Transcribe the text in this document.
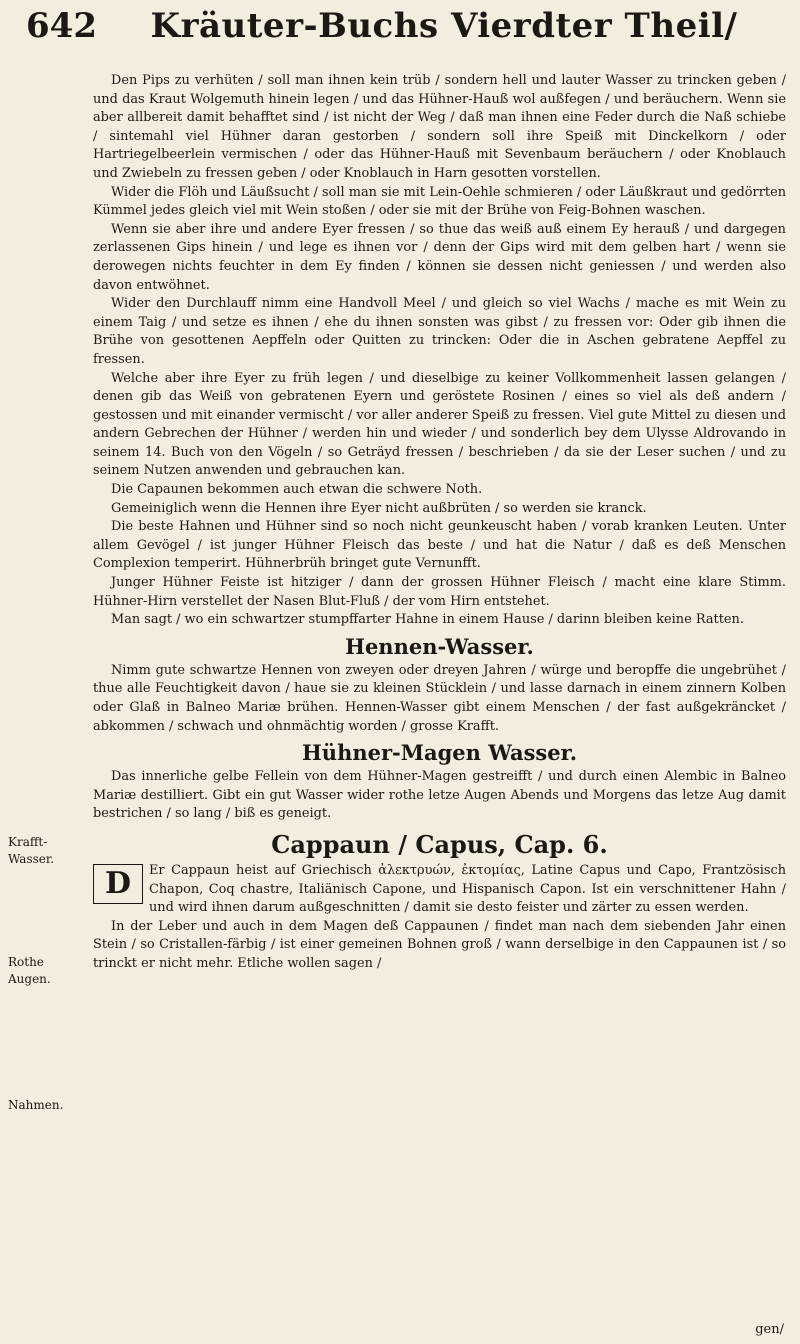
642	Kräuter-Buchs Vierdter Theil/
Krafft-Wasser.
Rothe Augen.
Nahmen.

Den Pips zu verhüten / soll man ihnen kein trüb / sondern hell und lauter Wasser zu trincken geben / und das Kraut Wolgemuth hinein legen / und das Hühner-Hauß wol außfegen / und beräuchern. Wenn sie aber allbereit damit behafftet sind / ist nicht der Weg / daß man ihnen eine Feder durch die Naß schiebe / sintemahl viel Hühner daran gestorben / sondern soll ihre Speiß mit Dinckelkorn / oder Hartriegelbeerlein vermischen / oder das Hühner-Hauß mit Sevenbaum beräuchern / oder Knoblauch und Zwiebeln zu fressen geben / oder Knoblauch in Harn gesotten vorstellen.

Wider die Flöh und Läußsucht / soll man sie mit Lein-Oehle schmieren / oder Läußkraut und gedörrten Kümmel jedes gleich viel mit Wein stoßen / oder sie mit der Brühe von Feig-Bohnen waschen.

Wenn sie aber ihre und andere Eyer fressen / so thue das weiß auß einem Ey herauß / und dargegen zerlassenen Gips hinein / und lege es ihnen vor / denn der Gips wird mit dem gelben hart / wenn sie derowegen nichts feuchter in dem Ey finden / können sie dessen nicht geniessen / und werden also davon entwöhnet.

Wider den Durchlauff nimm eine Handvoll Meel / und gleich so viel Wachs / mache es mit Wein zu einem Taig / und setze es ihnen / ehe du ihnen sonsten was gibst / zu fressen vor: Oder gib ihnen die Brühe von gesottenen Aepffeln oder Quitten zu trincken: Oder die in Aschen gebratene Aepffel zu fressen.

Welche aber ihre Eyer zu früh legen / und dieselbige zu keiner Vollkommenheit lassen gelangen / denen gib das Weiß von gebratenen Eyern und geröstete Rosinen / eines so viel als deß andern / gestossen und mit einander vermischt / vor aller anderer Speiß zu fressen. Viel gute Mittel zu diesen und andern Gebrechen der Hühner / werden hin und wieder / und sonderlich bey dem Ulysse Aldrovando in seinem 14. Buch von den Vögeln / so Geträyd fressen / beschrieben / da sie der Leser suchen / und zu seinem Nutzen anwenden und gebrauchen kan.

Die Capaunen bekommen auch etwan die schwere Noth.

Gemeiniglich wenn die Hennen ihre Eyer nicht außbrüten / so werden sie kranck.

Die beste Hahnen und Hühner sind so noch nicht geunkeuscht haben / vorab kranken Leuten. Unter allem Gevögel / ist junger Hühner Fleisch das beste / und hat die Natur / daß es deß Menschen Complexion temperirt. Hühnerbrüh bringet gute Vernunfft.

Junger Hühner Feiste ist hitziger / dann der grossen Hühner Fleisch / macht eine klare Stimm. Hühner-Hirn verstellet der Nasen Blut-Fluß / der vom Hirn entstehet.

Man sagt / wo ein schwartzer stumpffarter Hahne in einem Hause / darinn bleiben keine Ratten.

Hennen-Wasser.

Nimm gute schwartze Hennen von zweyen oder dreyen Jahren / würge und beropffe die ungebrühet / thue alle Feuchtigkeit davon / haue sie zu kleinen Stücklein / und lasse darnach in einem zinnern Kolben oder Glaß in Balneo Mariæ brühen. Hennen-Wasser gibt einem Menschen / der fast außgekräncket / abkommen / schwach und ohnmächtig worden / grosse Krafft.

Hühner-Magen Wasser.

Das innerliche gelbe Fellein von dem Hühner-Magen gestreifft / und durch einen Alembic in Balneo Mariæ destilliert. Gibt ein gut Wasser wider rothe letze Augen Abends und Morgens das letze Aug damit bestrichen / so lang / biß es geneigt.

Cappaun / Capus, Cap. 6.

D	Er Cappaun heist auf Griechisch ἀλεκτρυών, ἐκτομίας, Latine Capus und Capo, Frantzösisch Chapon, Coq chastre, Italiänisch Capone, und Hispanisch Capon. Ist ein verschnittener Hahn / und wird ihnen darum außgeschnitten / damit sie desto feister und zärter zu essen werden.

In der Leber und auch in dem Magen deß Cappaunen / findet man nach dem siebenden Jahr einen Stein / so Cristallen-färbig / ist einer gemeinen Bohnen groß / wann derselbige in den Cappaunen ist / so trinckt er nicht mehr. Etliche wollen sagen /

gen/
